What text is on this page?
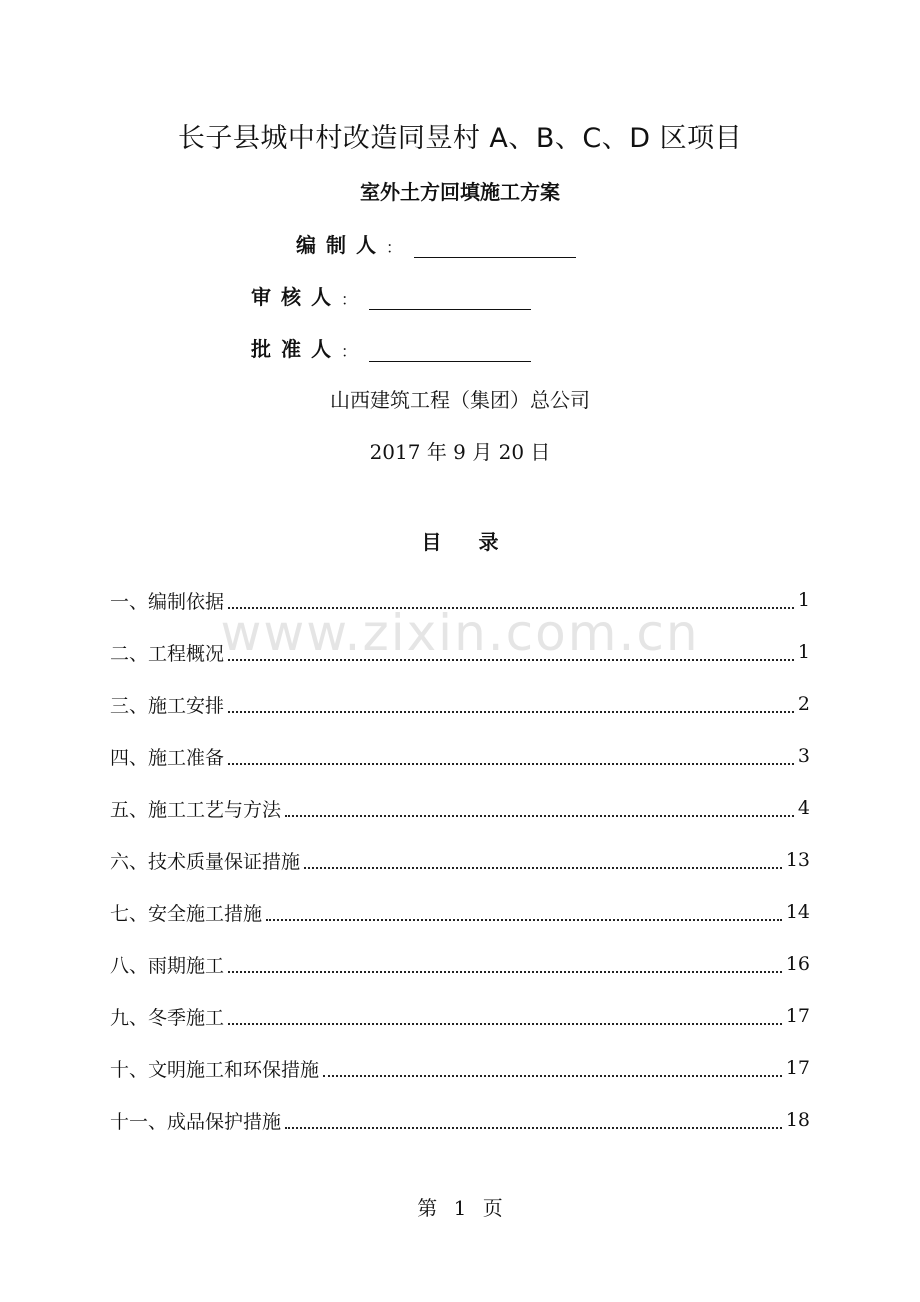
长子县城中村改造同昱村 A、B、C、D 区项目
室外土方回填施工方案
编制人 ：
审核人 ：
批准人 ：
山西建筑工程（集团）总公司
2017 年 9 月 20 日
目 录
一、编制依据	1
二、工程概况	1
三、施工安排	2
四、施工准备	3
五、施工工艺与方法	4
六、技术质量保证措施	13
七、安全施工措施	14
八、雨期施工	16
九、冬季施工	17
十、文明施工和环保措施	17
十一、成品保护措施	18
www.zixin.com.cn
第 1 页
